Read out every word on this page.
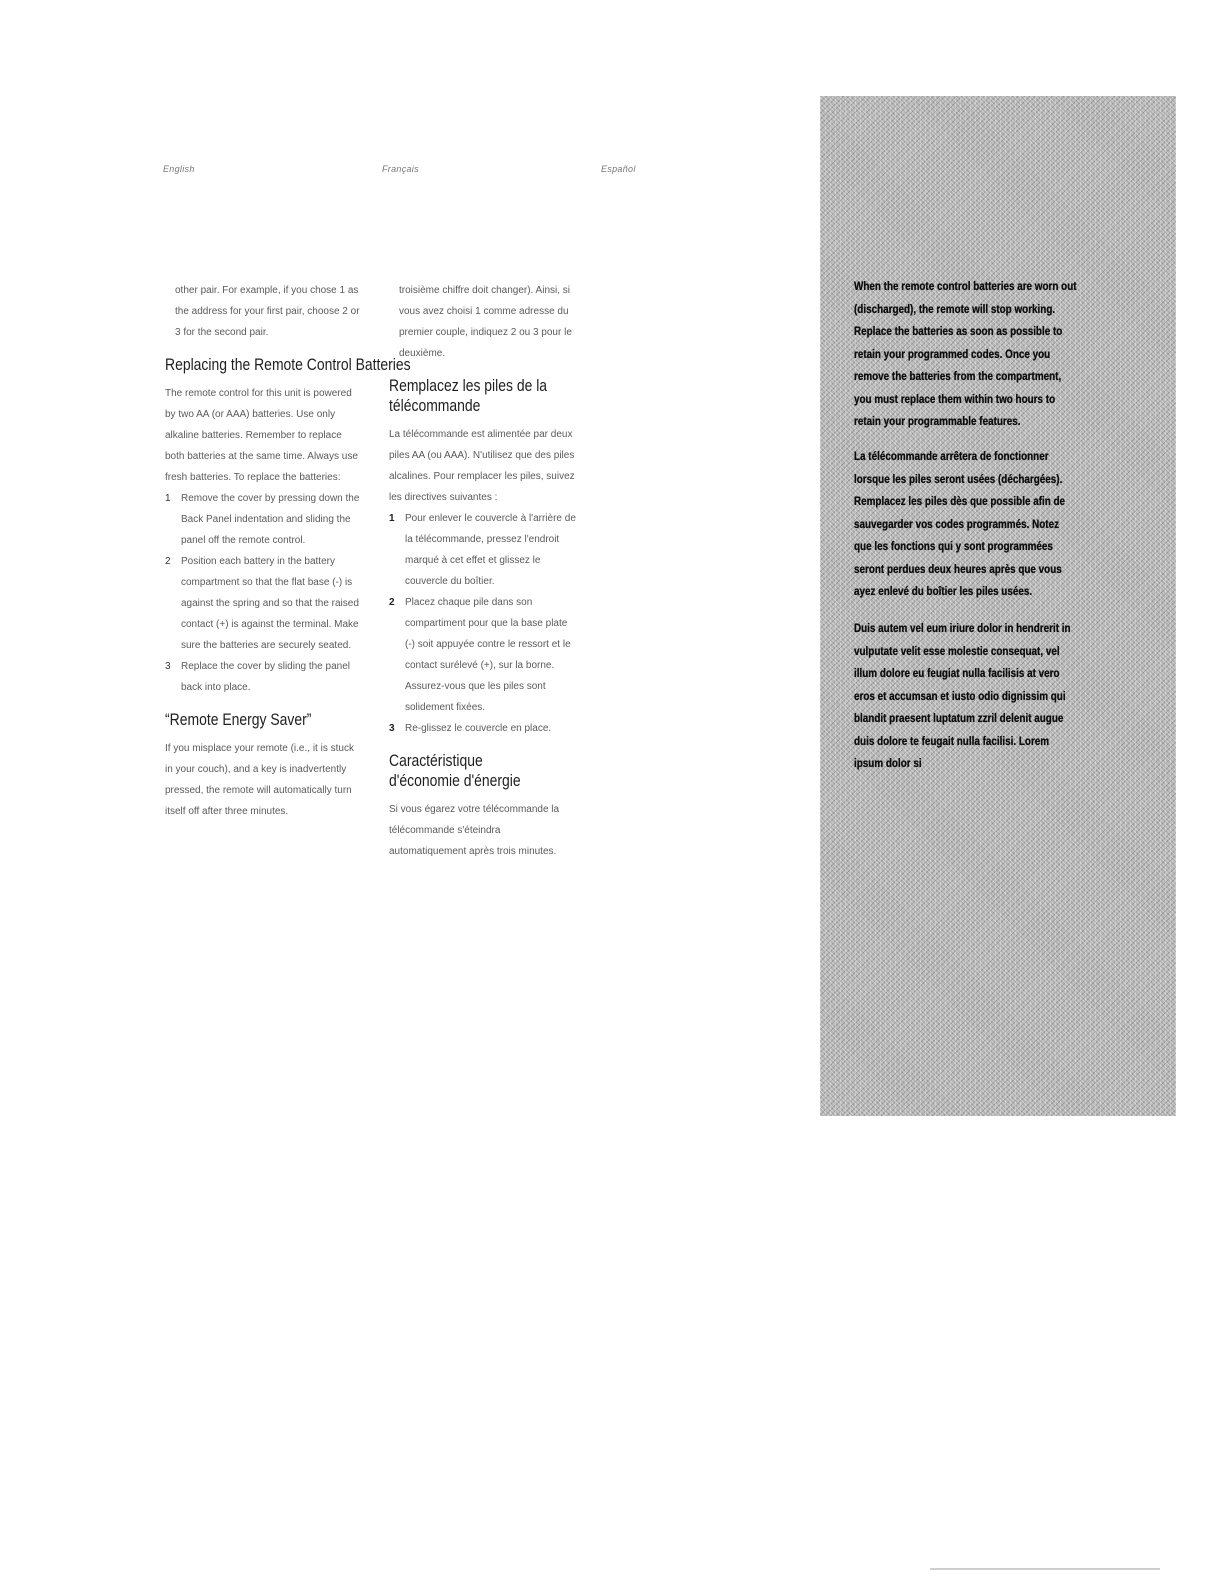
English	Français	Español

other pair. For example, if you chose 1 as the address for your first pair, choose 2 or 3 for the second pair.

Replacing the Remote Control Batteries

The remote control for this unit is powered by two AA (or AAA) batteries. Use only alkaline batteries. Remember to replace both batteries at the same time. Always use fresh batteries. To replace the batteries:

1 Remove the cover by pressing down the Back Panel indentation and sliding the panel off the remote control.
2 Position each battery in the battery compartment so that the flat base (-) is against the spring and so that the raised contact (+) is against the terminal. Make sure the batteries are securely seated.
3 Replace the cover by sliding the panel back into place.
“Remote Energy Saver”

If you misplace your remote (i.e., it is stuck in your couch), and a key is inadvertently pressed, the remote will automatically turn itself off after three minutes.

troisième chiffre doit changer). Ainsi, si vous avez choisi 1 comme adresse du premier couple, indiquez 2 ou 3 pour le deuxième.

Remplacez les piles de la télécommande

La télécommande est alimentée par deux piles AA (ou AAA). N'utilisez que des piles alcalines. Pour remplacer les piles, suivez les directives suivantes :

1 Pour enlever le couvercle à l'arrière de la télécommande, pressez l'endroit marqué à cet effet et glissez le couvercle du boîtier.
2 Placez chaque pile dans son compartiment pour que la base plate (-) soit appuyée contre le ressort et le contact surélevé (+), sur la borne. Assurez-vous que les piles sont solidement fixées.
3 Re-glissez le couvercle en place.
Caractéristique d'économie d'énergie

Si vous égarez votre télécommande la télécommande s'éteindra automatiquement après trois minutes.

When the remote control batteries are worn out (discharged), the remote will stop working. Replace the batteries as soon as possible to retain your programmed codes. Once you remove the batteries from the compartment, you must replace them within two hours to retain your programmable features.

La télécommande arrêtera de fonctionner lorsque les piles seront usées (déchargées). Remplacez les piles dès que possible afin de sauvegarder vos codes programmés. Notez que les fonctions qui y sont programmées seront perdues deux heures après que vous ayez enlevé du boîtier les piles usées.

Duis autem vel eum iriure dolor in hendrerit in vulputate velit esse molestie consequat, vel illum dolore eu feugiat nulla facilisis at vero eros et accumsan et iusto odio dignissim qui blandit praesent luptatum zzril delenit augue duis dolore te feugait nulla facilisi. Lorem ipsum dolor si
